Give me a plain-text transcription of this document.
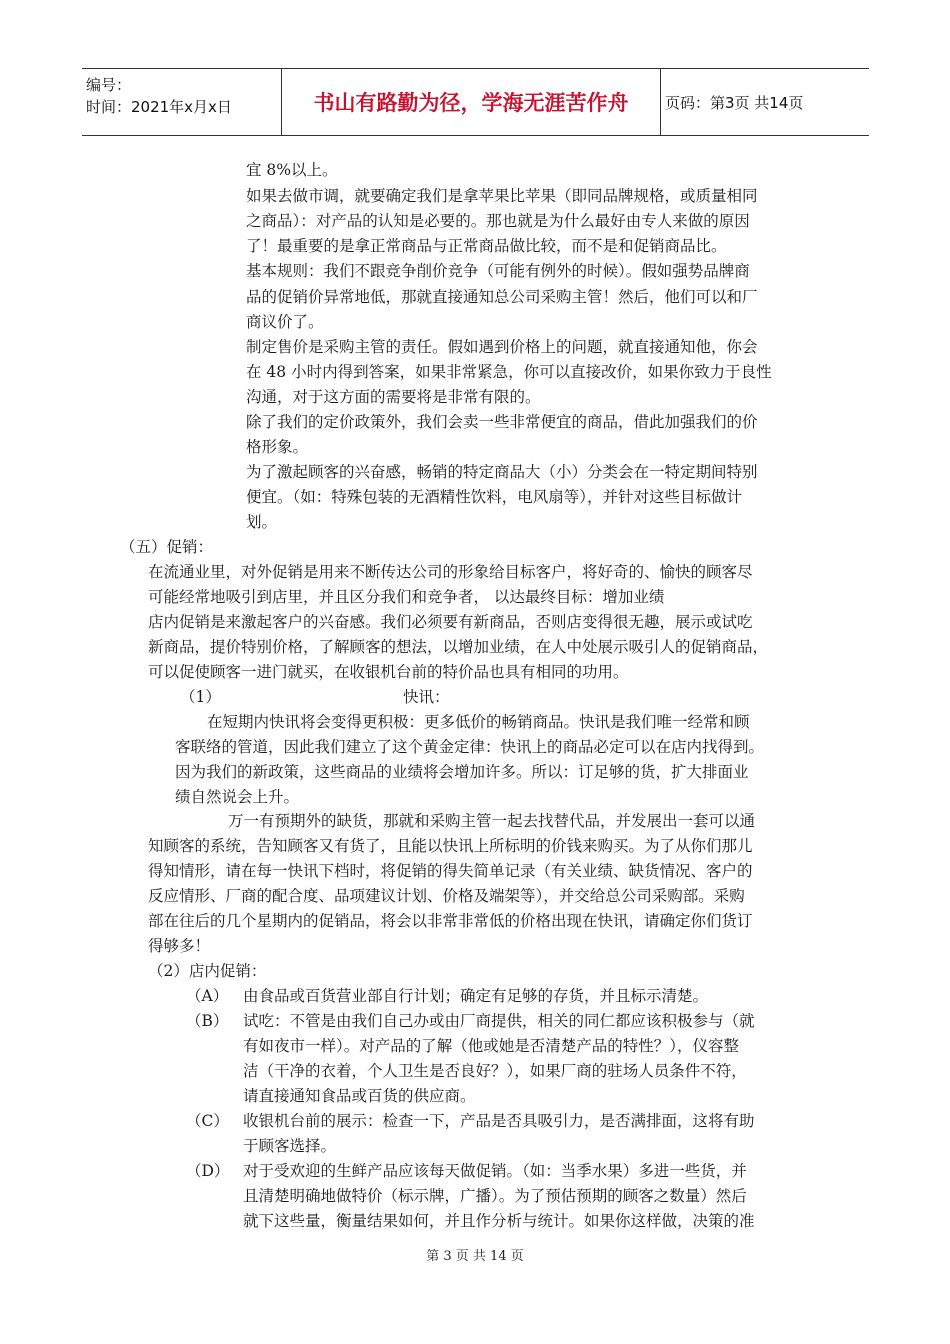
编号：
时间：2021年x月x日	书山有路勤为径，学海无涯苦作舟	页码：第3页 共14页
宜 8%以上。
如果去做市调，就要确定我们是拿苹果比苹果（即同品牌规格，或质量相同
之商品）：对产品的认知是必要的。那也就是为什么最好由专人来做的原因
了！最重要的是拿正常商品与正常商品做比较，而不是和促销商品比。
基本规则：我们不跟竞争削价竞争（可能有例外的时候）。假如强势品牌商
品的促销价异常地低，那就直接通知总公司采购主管！然后，他们可以和厂
商议价了。
制定售价是采购主管的责任。假如遇到价格上的问题，就直接通知他，你会
在 48 小时内得到答案，如果非常紧急，你可以直接改价，如果你致力于良性
沟通，对于这方面的需要将是非常有限的。
除了我们的定价政策外，我们会卖一些非常便宜的商品，借此加强我们的价
格形象。
为了激起顾客的兴奋感，畅销的特定商品大（小）分类会在一特定期间特别
便宜。（如：特殊包装的无酒精性饮料，电风扇等），并针对这些目标做计
划。
（五）促销：
在流通业里，对外促销是用来不断传达公司的形象给目标客户，将好奇的、愉快的顾客尽
可能经常地吸引到店里，并且区分我们和竞争者， 以达最终目标：增加业绩
店内促销是来激起客户的兴奋感。我们必须要有新商品，否则店变得很无趣，展示或试吃
新商品，提价特别价格，了解顾客的想法，以增加业绩，在人中处展示吸引人的促销商品，
可以促使顾客一进门就买，在收银机台前的特价品也具有相同的功用。
（1）	快讯：
在短期内快讯将会变得更积极：更多低价的畅销商品。快讯是我们唯一经常和顾
客联络的管道，因此我们建立了这个黄金定律：快讯上的商品必定可以在店内找得到。
因为我们的新政策，这些商品的业绩将会增加许多。所以：订足够的货，扩大排面业
绩自然说会上升。
万一有预期外的缺货，那就和采购主管一起去找替代品，并发展出一套可以通
知顾客的系统，告知顾客又有货了，且能以快讯上所标明的价钱来购买。为了从你们那儿
得知情形，请在每一快讯下档时，将促销的得失简单记录（有关业绩、缺货情况、客户的
反应情形、厂商的配合度、品项建议计划、价格及端架等），并交给总公司采购部。采购
部在往后的几个星期内的促销品，将会以非常非常低的价格出现在快讯，请确定你们货订
得够多！
（2）店内促销：
（A） 由食品或百货营业部自行计划；确定有足够的存货，并且标示清楚。
（B） 试吃：不管是由我们自己办或由厂商提供，相关的同仁都应该积极参与（就
有如夜市一样）。对产品的了解（他或她是否清楚产品的特性？），仪容整
洁（干净的衣着，个人卫生是否良好？），如果厂商的驻场人员条件不符，
请直接通知食品或百货的供应商。
（C） 收银机台前的展示：检查一下，产品是否具吸引力，是否满排面，这将有助
于顾客选择。
（D） 对于受欢迎的生鲜产品应该每天做促销。（如：当季水果）多进一些货，并
且清楚明确地做特价（标示牌，广播）。为了预估预期的顾客之数量）然后
就下这些量，衡量结果如何，并且作分析与统计。如果你这样做，决策的准
第 3 页 共 14 页
